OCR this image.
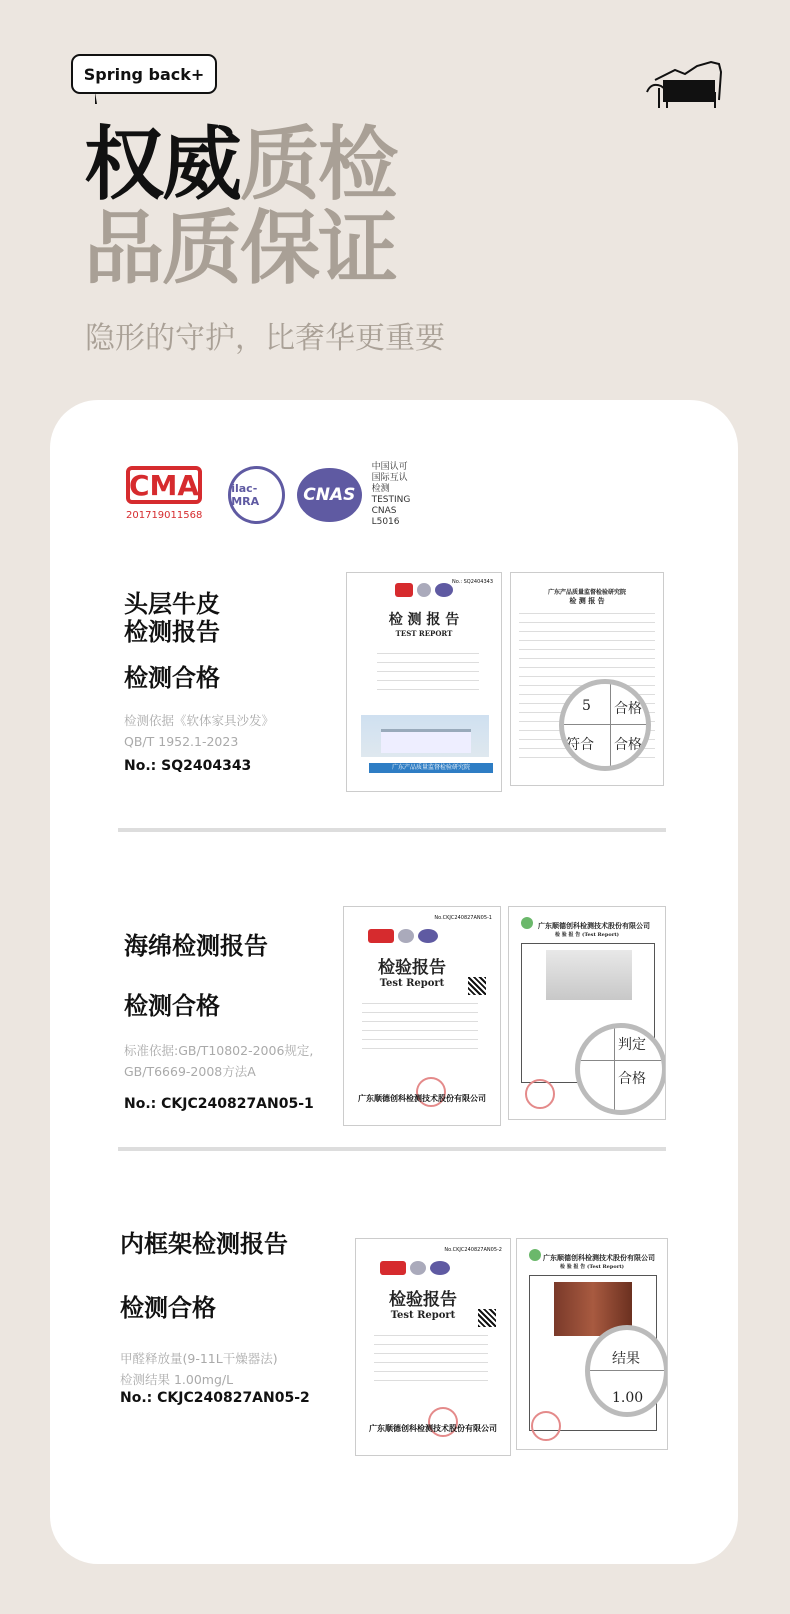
Spring back+
权威质检
品质保证
隐形的守护，比奢华更重要
CMA
201719011568
ilac-MRA	CNAS
中国认可
国际互认
检测
TESTING
CNAS L5016
头层牛皮
检测报告
检测合格
检测依据《软体家具沙发》
QB/T 1952.1-2023
No.: SQ2404343
No.: SQ2404343
检 测 报 告
TEST REPORT
广东产品质量监督检验研究院
广东产品质量监督检验研究院
检 测 报 告
合格
合格
符合
5
海绵检测报告
检测合格
标准依据:GB/T10802-2006规定,
GB/T6669-2008方法A
No.: CKJC240827AN05-1
No.CKJC240827AN05-1
检验报告
Test Report
广东顺德创科检测技术股份有限公司
广东顺德创科检测技术股份有限公司
检 验 报 告 (Test Report)
合格
判定
内框架检测报告
检测合格
甲醛释放量(9-11L干燥器法)
检测结果 1.00mg/L
No.: CKJC240827AN05-2
No.CKJC240827AN05-2
检验报告
Test Report
广东顺德创科检测技术股份有限公司
广东顺德创科检测技术股份有限公司
检 验 报 告 (Test Report)
结果
1.00
